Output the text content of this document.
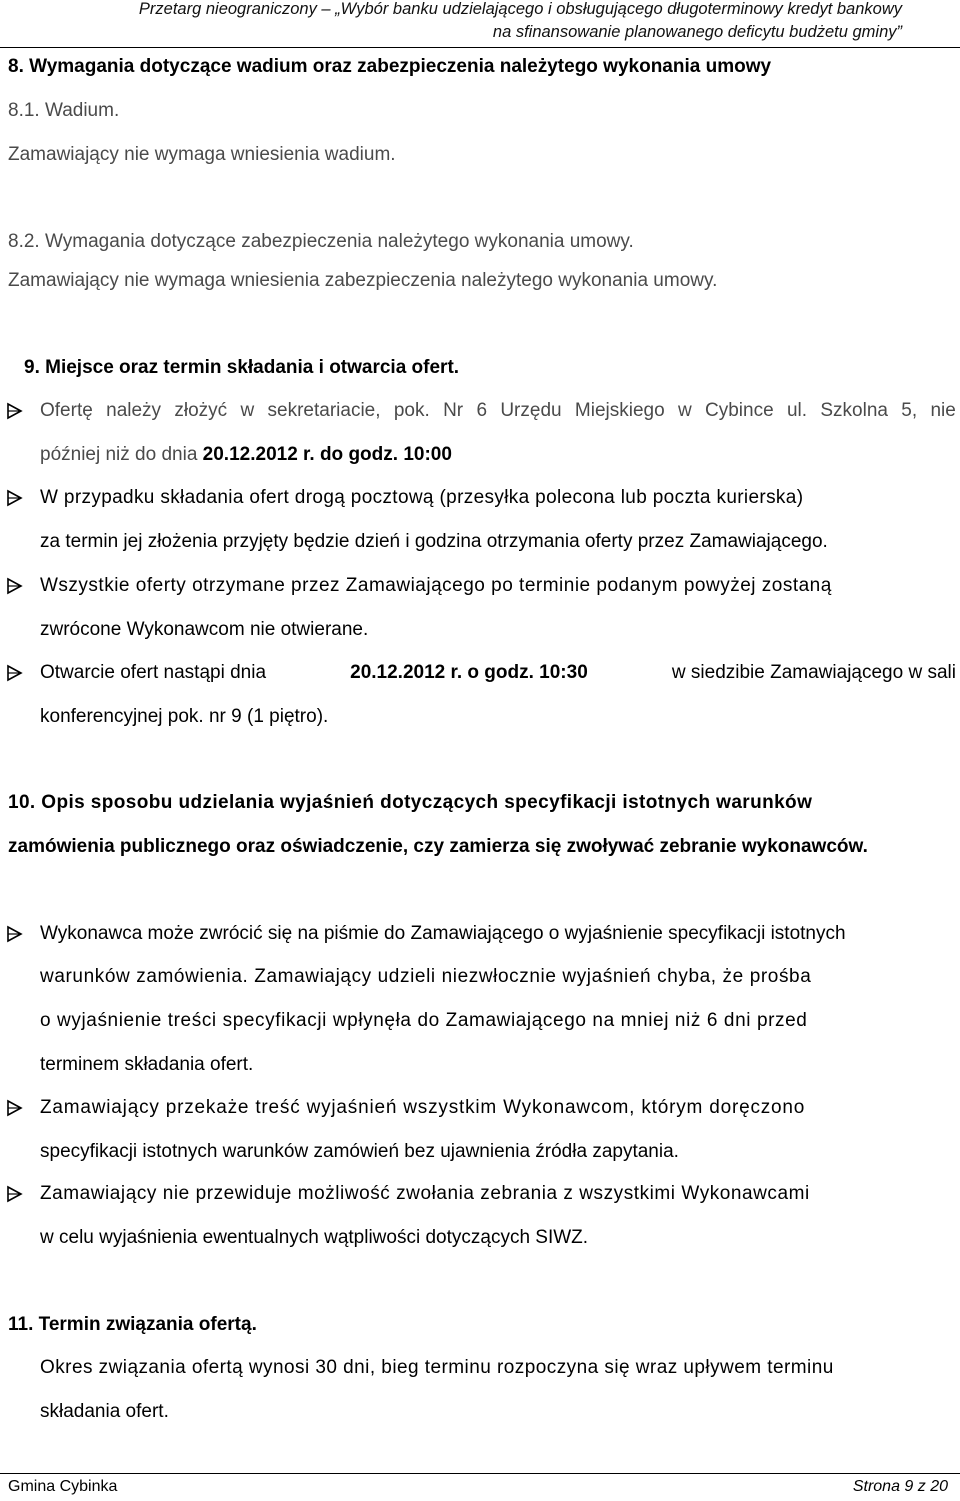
Przetarg nieograniczony – „Wybór banku udzielającego i obsługującego długoterminowy kredyt bankowy
na sfinansowanie planowanego deficytu budżetu gminy”
8. Wymagania dotyczące wadium oraz zabezpieczenia należytego wykonania umowy
8.1. Wadium.
Zamawiający nie wymaga wniesienia wadium.
8.2. Wymagania dotyczące zabezpieczenia należytego wykonania umowy.
Zamawiający nie wymaga wniesienia zabezpieczenia należytego wykonania umowy.
9. Miejsce oraz termin składania i otwarcia ofert.
Ofertę należy złożyć w sekretariacie, pok. Nr 6 Urzędu Miejskiego w Cybince ul. Szkolna 5, nie
później niż do dnia 20.12.2012 r. do godz. 10:00
W przypadku składania ofert drogą pocztową (przesyłka polecona lub poczta kurierska)
za termin jej złożenia przyjęty będzie dzień i godzina otrzymania oferty przez Zamawiającego.
Wszystkie oferty otrzymane przez Zamawiającego po terminie podanym powyżej zostaną
zwrócone Wykonawcom nie otwierane.
Otwarcie ofert nastąpi dnia	20.12.2012 r. o godz. 10:30	w siedzibie Zamawiającego w sali
konferencyjnej pok. nr 9 (1 piętro).
10. Opis sposobu udzielania wyjaśnień dotyczących specyfikacji istotnych warunków
zamówienia publicznego oraz oświadczenie, czy zamierza się zwoływać zebranie wykonawców.
Wykonawca może zwrócić się na piśmie do Zamawiającego o wyjaśnienie specyfikacji istotnych
warunków zamówienia. Zamawiający udzieli niezwłocznie wyjaśnień chyba, że prośba
o wyjaśnienie treści specyfikacji wpłynęła do Zamawiającego na mniej niż 6 dni przed
terminem składania ofert.
Zamawiający przekaże treść wyjaśnień wszystkim Wykonawcom, którym doręczono
specyfikacji istotnych warunków zamówień bez ujawnienia źródła zapytania.
Zamawiający nie przewiduje możliwość zwołania zebrania z wszystkimi Wykonawcami
w celu wyjaśnienia ewentualnych wątpliwości dotyczących SIWZ.
11. Termin związania ofertą.
Okres związania ofertą wynosi 30 dni, bieg terminu rozpoczyna się wraz upływem terminu
składania ofert.
Gmina Cybinka	Strona 9 z 20
